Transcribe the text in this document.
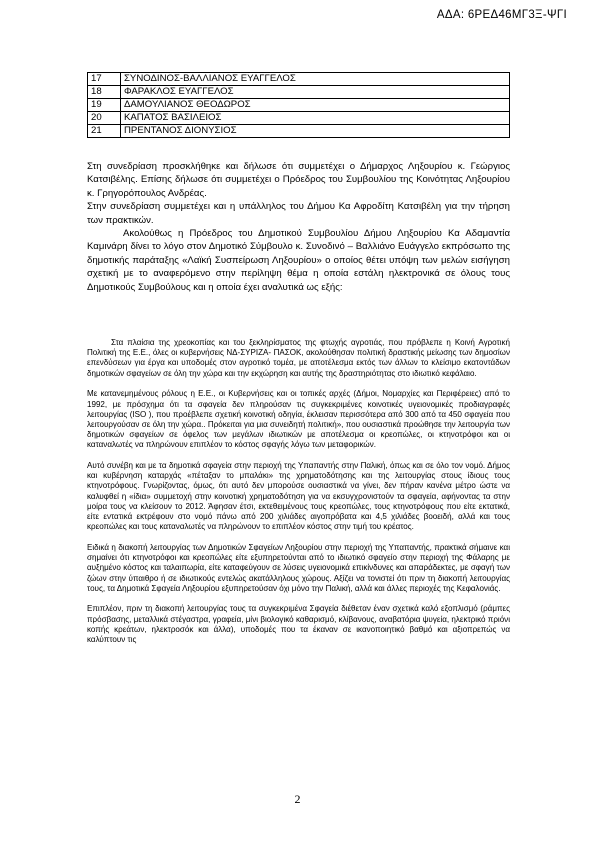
ΑΔΑ: 6ΡΕΔ46ΜΓ3Ξ-ΨΓΙ
17	ΣΥΝΟΔΙΝΟΣ-ΒΑΛΛΙΑΝΟΣ ΕΥΑΓΓΕΛΟΣ
18	ΦΑΡΑΚΛΟΣ ΕΥΑΓΓΕΛΟΣ
19	ΔΑΜΟΥΛΙΑΝΟΣ ΘΕΟΔΩΡΟΣ
20	ΚΑΠΑΤΟΣ ΒΑΣΙΛΕΙΟΣ
21	ΠΡΕΝΤΑΝΟΣ ΔΙΟΝΥΣΙΟΣ

Στη συνεδρίαση προσκλήθηκε και δήλωσε ότι συμμετέχει ο Δήμαρχος Ληξουρίου κ. Γεώργιος Κατσιβέλης. Επίσης δήλωσε ότι συμμετέχει ο Πρόεδρος του Συμβουλίου της Κοινότητας Ληξουρίου κ. Γρηγορόπουλος Ανδρέας.

Στην συνεδρίαση συμμετέχει και η υπάλληλος του Δήμου Κα Αφροδίτη Κατσιβέλη για την τήρηση των πρακτικών.

Ακολούθως η Πρόεδρος του Δημοτικού Συμβουλίου Δήμου Ληξουρίου Κα Αδαμαντία Καμινάρη δίνει το λόγο στον Δημοτικό Σύμβουλο κ. Συνοδινό – Βαλλιάνο Ευάγγελο εκπρόσωπο της δημοτικής παράταξης «Λαϊκή Συσπείρωση Ληξουρίου» ο οποίος θέτει υπόψη των μελών εισήγηση σχετική με το αναφερόμενο στην περίληψη θέμα η οποία εστάλη ηλεκτρονικά σε όλους τους Δημοτικούς Συμβούλους και η οποία έχει αναλυτικά ως εξής:

Στα πλαίσια της χρεοκοπίας και του ξεκληρίσματος της φτωχής αγροτιάς, που πρόβλεπε η Κοινή Αγροτική Πολιτική της Ε.Ε., όλες οι κυβερνήσεις ΝΔ-ΣΥΡΙΖΑ- ΠΑΣΟΚ, ακολούθησαν πολιτική δραστικής μείωσης των δημοσίων επενδύσεων για έργα και υποδομές στον αγροτικό τομέα, με αποτέλεσμα εκτός των άλλων το κλείσιμο εκατοντάδων δημοτικών σφαγείων σε όλη την χώρα και την εκχώρηση και αυτής της δραστηριότητας στο ιδιωτικό κεφάλαιο.

Με κατανεμημένους ρόλους η Ε.Ε., οι Κυβερνήσεις και οι τοπικές αρχές (Δήμοι, Νομαρχίες και Περιφέρειες) από το 1992, με πρόσχημα ότι τα σφαγεία δεν πληρούσαν τις συγκεκριμένες κοινοτικές υγειονομικές προδιαγραφές λειτουργίας (ISO ), που προέβλεπε σχετική κοινοτική οδηγία, έκλεισαν περισσότερα από 300 από τα 450 σφαγεία που λειτουργούσαν σε όλη την χώρα.. Πρόκειται για μια συνειδητή πολιτική», που ουσιαστικά προώθησε την λειτουργία των δημοτικών σφαγείων σε όφελος των μεγάλων ιδιωτικών με αποτέλεσμα οι κρεοπώλες, οι κτηνοτρόφοι και οι καταναλωτές να πληρώνουν επιπλέον το κόστος σφαγής λόγω των μεταφορικών.

Αυτό συνέβη και με τα δημοτικά σφαγεία στην περιοχή της Υπαπαντής στην Παλική, όπως και σε όλο τον νομό. Δήμος και κυβέρνηση καταρχάς «πέταξαν το μπαλάκι» της χρηματοδότησης και της λειτουργίας στους ίδιους τους κτηνοτρόφους. Γνωρίζοντας, όμως, ότι αυτό δεν μπορούσε ουσιαστικά να γίνει, δεν πήραν κανένα μέτρο ώστε να καλυφθεί η «ίδια» συμμετοχή στην κοινοτική χρηματοδότηση για να εκσυγχρονιστούν τα σφαγεία, αφήνοντας τα στην μοίρα τους να κλείσουν το 2012. Άφησαν έτσι, εκτεθειμένους τους κρεοπώλες, τους κτηνοτρόφους που είτε εκτατικά, είτε εντατικά εκτρέφουν στο νομό πάνω από 200 χιλιάδες αιγοπρόβατα και 4,5 χιλιάδες βοοειδή, αλλά και τους κρεοπώλες και τους καταναλωτές να πληρώνουν το επιπλέον κόστος στην τιμή του κρέατος.

Ειδικά η διακοπή λειτουργίας των Δημοτικών Σφαγείων Ληξουρίου στην περιοχή της Υπαπαντής, πρακτικά σήμαινε και σημαίνει ότι κτηνοτρόφοι και κρεοπώλες είτε εξυπηρετούνται από το ιδιωτικό σφαγείο στην περιοχή της Φάλαρης με αυξημένο κόστος και ταλαιπωρία, είτε καταφεύγουν σε λύσεις υγειονομικά επικίνδυνες και απαράδεκτες, με σφαγή των ζώων στην ύπαιθρο ή σε ιδιωτικούς εντελώς ακατάλληλους χώρους. Αξίζει να τονιστεί ότι πριν τη διακοπή λειτουργίας τους, τα Δημοτικά Σφαγεία Ληξουρίου εξυπηρετούσαν όχι μόνο την Παλική, αλλά και άλλες περιοχές της Κεφαλονιάς.

Επιπλέον, πριν τη διακοπή λειτουργίας τους τα συγκεκριμένα Σφαγεία διέθεταν έναν σχετικά καλό εξοπλισμό (ράμπες πρόσβασης, μεταλλικά στέγαστρα, γραφεία, μίνι βιολογικό καθαρισμό, κλίβανους, αναβατόρια ψυγεία, ηλεκτρικό πριόνι κοπής κρεάτων, ηλεκτροσόκ και άλλα), υποδομές που τα έκαναν σε ικανοποιητικό βαθμό και αξιοπρεπώς να καλύπτουν τις

2
